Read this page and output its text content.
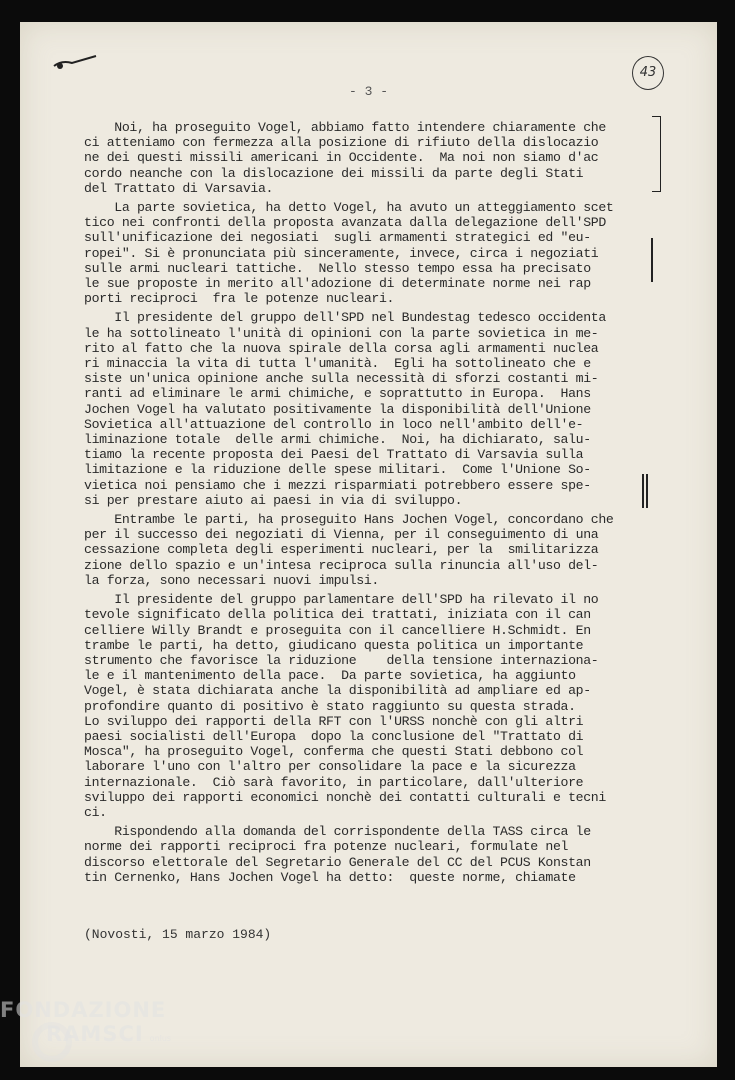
43
- 3 -
Noi, ha proseguito Vogel, abbiamo fatto intendere chiaramente che
ci atteniamo con fermezza alla posizione di rifiuto della dislocazio
ne dei questi missili americani in Occidente.  Ma noi non siamo d'ac
cordo neanche con la dislocazione dei missili da parte degli Stati
del Trattato di Varsavia.
La parte sovietica, ha detto Vogel, ha avuto un atteggiamento scet
tico nei confronti della proposta avanzata dalla delegazione dell'SPD
sull'unificazione dei negosiati  sugli armamenti strategici ed "eu-
ropei". Si è pronunciata più sinceramente, invece, circa i negoziati
sulle armi nucleari tattiche.  Nello stesso tempo essa ha precisato
le sue proposte in merito all'adozione di determinate norme nei rap
porti reciproci  fra le potenze nucleari.
Il presidente del gruppo dell'SPD nel Bundestag tedesco occidenta
le ha sottolineato l'unità di opinioni con la parte sovietica in me-
rito al fatto che la nuova spirale della corsa agli armamenti nuclea
ri minaccia la vita di tutta l'umanità.  Egli ha sottolineato che e
siste un'unica opinione anche sulla necessità di sforzi costanti mi-
ranti ad eliminare le armi chimiche, e soprattutto in Europa.  Hans
Jochen Vogel ha valutato positivamente la disponibilità dell'Unione
Sovietica all'attuazione del controllo in loco nell'ambito dell'e-
liminazione totale  delle armi chimiche.  Noi, ha dichiarato, salu-
tiamo la recente proposta dei Paesi del Trattato di Varsavia sulla
limitazione e la riduzione delle spese militari.  Come l'Unione So-
vietica noi pensiamo che i mezzi risparmiati potrebbero essere spe-
si per prestare aiuto ai paesi in via di sviluppo.
Entrambe le parti, ha proseguito Hans Jochen Vogel, concordano che
per il successo dei negoziati di Vienna, per il conseguimento di una
cessazione completa degli esperimenti nucleari, per la  smilitarizza
zione dello spazio e un'intesa reciproca sulla rinuncia all'uso del-
la forza, sono necessari nuovi impulsi.
Il presidente del gruppo parlamentare dell'SPD ha rilevato il no
tevole significato della politica dei trattati, iniziata con il can
celliere Willy Brandt e proseguita con il cancelliere H.Schmidt. En
trambe le parti, ha detto, giudicano questa politica un importante
strumento che favorisce la riduzione    della tensione internaziona-
le e il mantenimento della pace.  Da parte sovietica, ha aggiunto
Vogel, è stata dichiarata anche la disponibilità ad ampliare ed ap-
profondire quanto di positivo è stato raggiunto su questa strada.
Lo sviluppo dei rapporti della RFT con l'URSS nonchè con gli altri
paesi socialisti dell'Europa  dopo la conclusione del "Trattato di
Mosca", ha proseguito Vogel, conferma che questi Stati debbono col
laborare l'uno con l'altro per consolidare la pace e la sicurezza
internazionale.  Ciò sarà favorito, in particolare, dall'ulteriore
sviluppo dei rapporti economici nonchè dei contatti culturali e tecni
ci.
Rispondendo alla domanda del corrispondente della TASS circa le
norme dei rapporti reciproci fra potenze nucleari, formulate nel
discorso elettorale del Segretario Generale del CC del PCUS Konstan
tin Cernenko, Hans Jochen Vogel ha detto:  queste norme, chiamate
(Novosti, 15 marzo 1984)
FONDAZIONE
RAMSCI onlus
